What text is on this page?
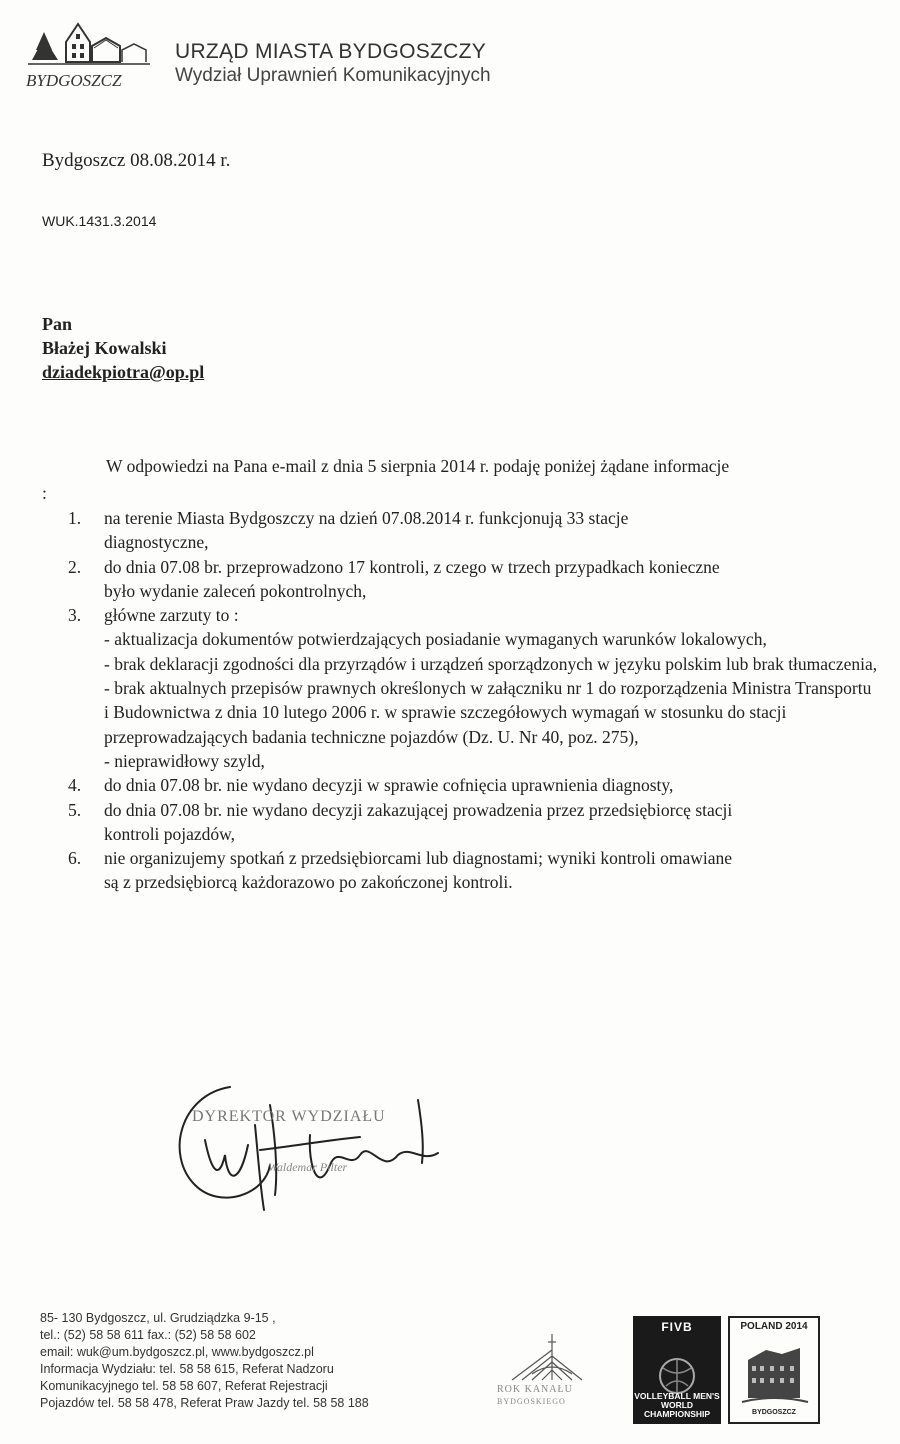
BYDGOSZCZ
URZĄD MIASTA BYDGOSZCZY
Wydział Uprawnień Komunikacyjnych
Bydgoszcz 08.08.2014 r.
WUK.1431.3.2014
Pan
Błażej Kowalski
dziadekpiotra@op.pl
W odpowiedzi na Pana e-mail z dnia 5 sierpnia 2014 r. podaję poniżej żądane informacje
:
1. na terenie Miasta Bydgoszczy na dzień 07.08.2014 r. funkcjonują 33 stacje
diagnostyczne,
2. do dnia 07.08 br. przeprowadzono 17 kontroli, z czego w trzech przypadkach konieczne
było wydanie zaleceń pokontrolnych,
3. główne zarzuty to :
- aktualizacja dokumentów potwierdzających posiadanie wymaganych warunków lokalowych,
- brak deklaracji zgodności dla przyrządów i urządzeń sporządzonych w języku polskim lub brak tłumaczenia,
- brak aktualnych przepisów prawnych określonych w załączniku nr 1 do rozporządzenia Ministra Transportu i Budownictwa z dnia 10 lutego 2006 r. w sprawie szczegółowych wymagań w stosunku do stacji przeprowadzających badania techniczne pojazdów (Dz. U. Nr 40, poz. 275),
- nieprawidłowy szyld,
4. do dnia 07.08 br. nie wydano decyzji w sprawie cofnięcia uprawnienia diagnosty,
5. do dnia 07.08 br. nie wydano decyzji zakazującej prowadzenia przez przedsiębiorcę stacji
kontroli pojazdów,
6. nie organizujemy spotkań z przedsiębiorcami lub diagnostami; wyniki kontroli omawiane
są z przedsiębiorcą każdorazowo po zakończonej kontroli.
DYREKTOR WYDZIAŁU
Waldemar Pilter
85- 130 Bydgoszcz, ul. Grudziądzka 9-15 ,
tel.: (52) 58 58 611 fax.: (52) 58 58 602
email: wuk@um.bydgoszcz.pl, www.bydgoszcz.pl
Informacja Wydziału: tel. 58 58 615, Referat Nadzoru
Komunikacyjnego tel. 58 58 607, Referat Rejestracji
Pojazdów tel. 58 58 478, Referat Praw Jazdy tel. 58 58 188
ROK KANAŁU
BYDGOSKIEGO
FIVB
VOLLEYBALL MEN'S WORLD CHAMPIONSHIP
POLAND 2014
BYDGOSZCZ
